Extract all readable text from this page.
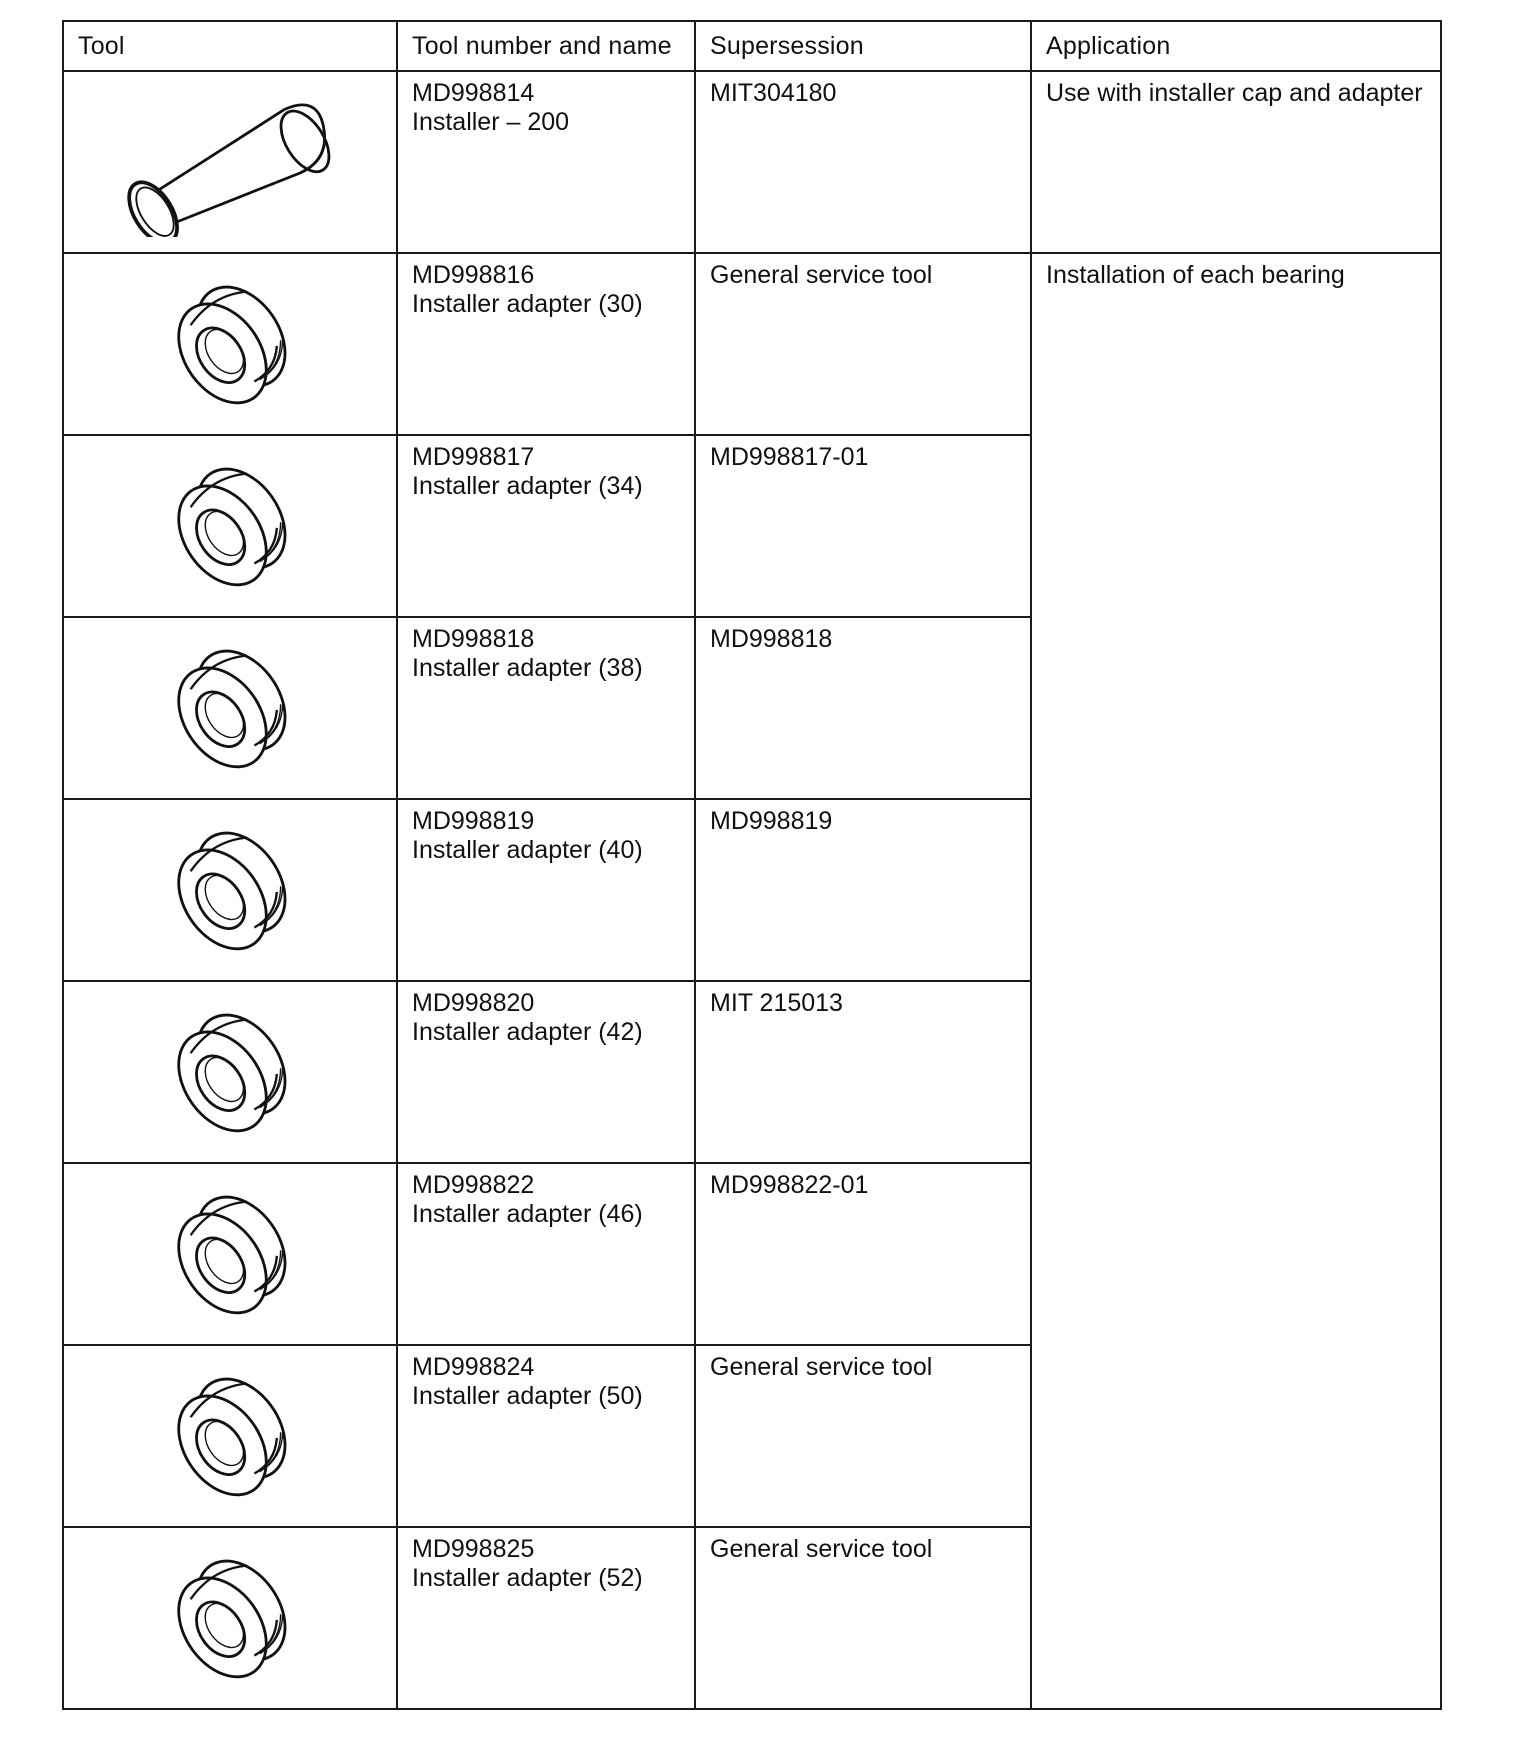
Tool	Tool number and name	Supersession	Application

MD998814
Installer – 200	MIT304180	Use with installer cap and adapter

MD998816
Installer adapter (30)	General service tool	Installation of each bearing

MD998817
Installer adapter (34)	MD998817-01	

MD998818
Installer adapter (38)	MD998818	

MD998819
Installer adapter (40)	MD998819	

MD998820
Installer adapter (42)	MIT 215013	

MD998822
Installer adapter (46)	MD998822-01	

MD998824
Installer adapter (50)	General service tool	

MD998825
Installer adapter (52)	General service tool	
